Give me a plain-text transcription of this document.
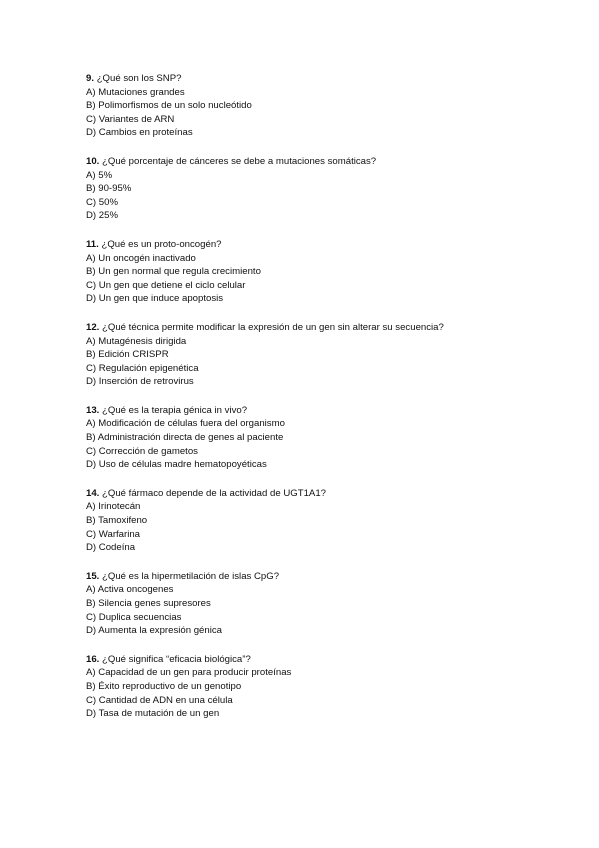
9. ¿Qué son los SNP?
A) Mutaciones grandes
B) Polimorfismos de un solo nucleótido
C) Variantes de ARN
D) Cambios en proteínas
10. ¿Qué porcentaje de cánceres se debe a mutaciones somáticas?
A) 5%
B) 90-95%
C) 50%
D) 25%
11. ¿Qué es un proto-oncogén?
A) Un oncogén inactivado
B) Un gen normal que regula crecimiento
C) Un gen que detiene el ciclo celular
D) Un gen que induce apoptosis
12. ¿Qué técnica permite modificar la expresión de un gen sin alterar su secuencia?
A) Mutagénesis dirigida
B) Edición CRISPR
C) Regulación epigenética
D) Inserción de retrovirus
13. ¿Qué es la terapia génica in vivo?
A) Modificación de células fuera del organismo
B) Administración directa de genes al paciente
C) Corrección de gametos
D) Uso de células madre hematopoyéticas
14. ¿Qué fármaco depende de la actividad de UGT1A1?
A) Irinotecán
B) Tamoxifeno
C) Warfarina
D) Codeína
15. ¿Qué es la hipermetilación de islas CpG?
A) Activa oncogenes
B) Silencia genes supresores
C) Duplica secuencias
D) Aumenta la expresión génica
16. ¿Qué significa “eficacia biológica”?
A) Capacidad de un gen para producir proteínas
B) Éxito reproductivo de un genotipo
C) Cantidad de ADN en una célula
D) Tasa de mutación de un gen
